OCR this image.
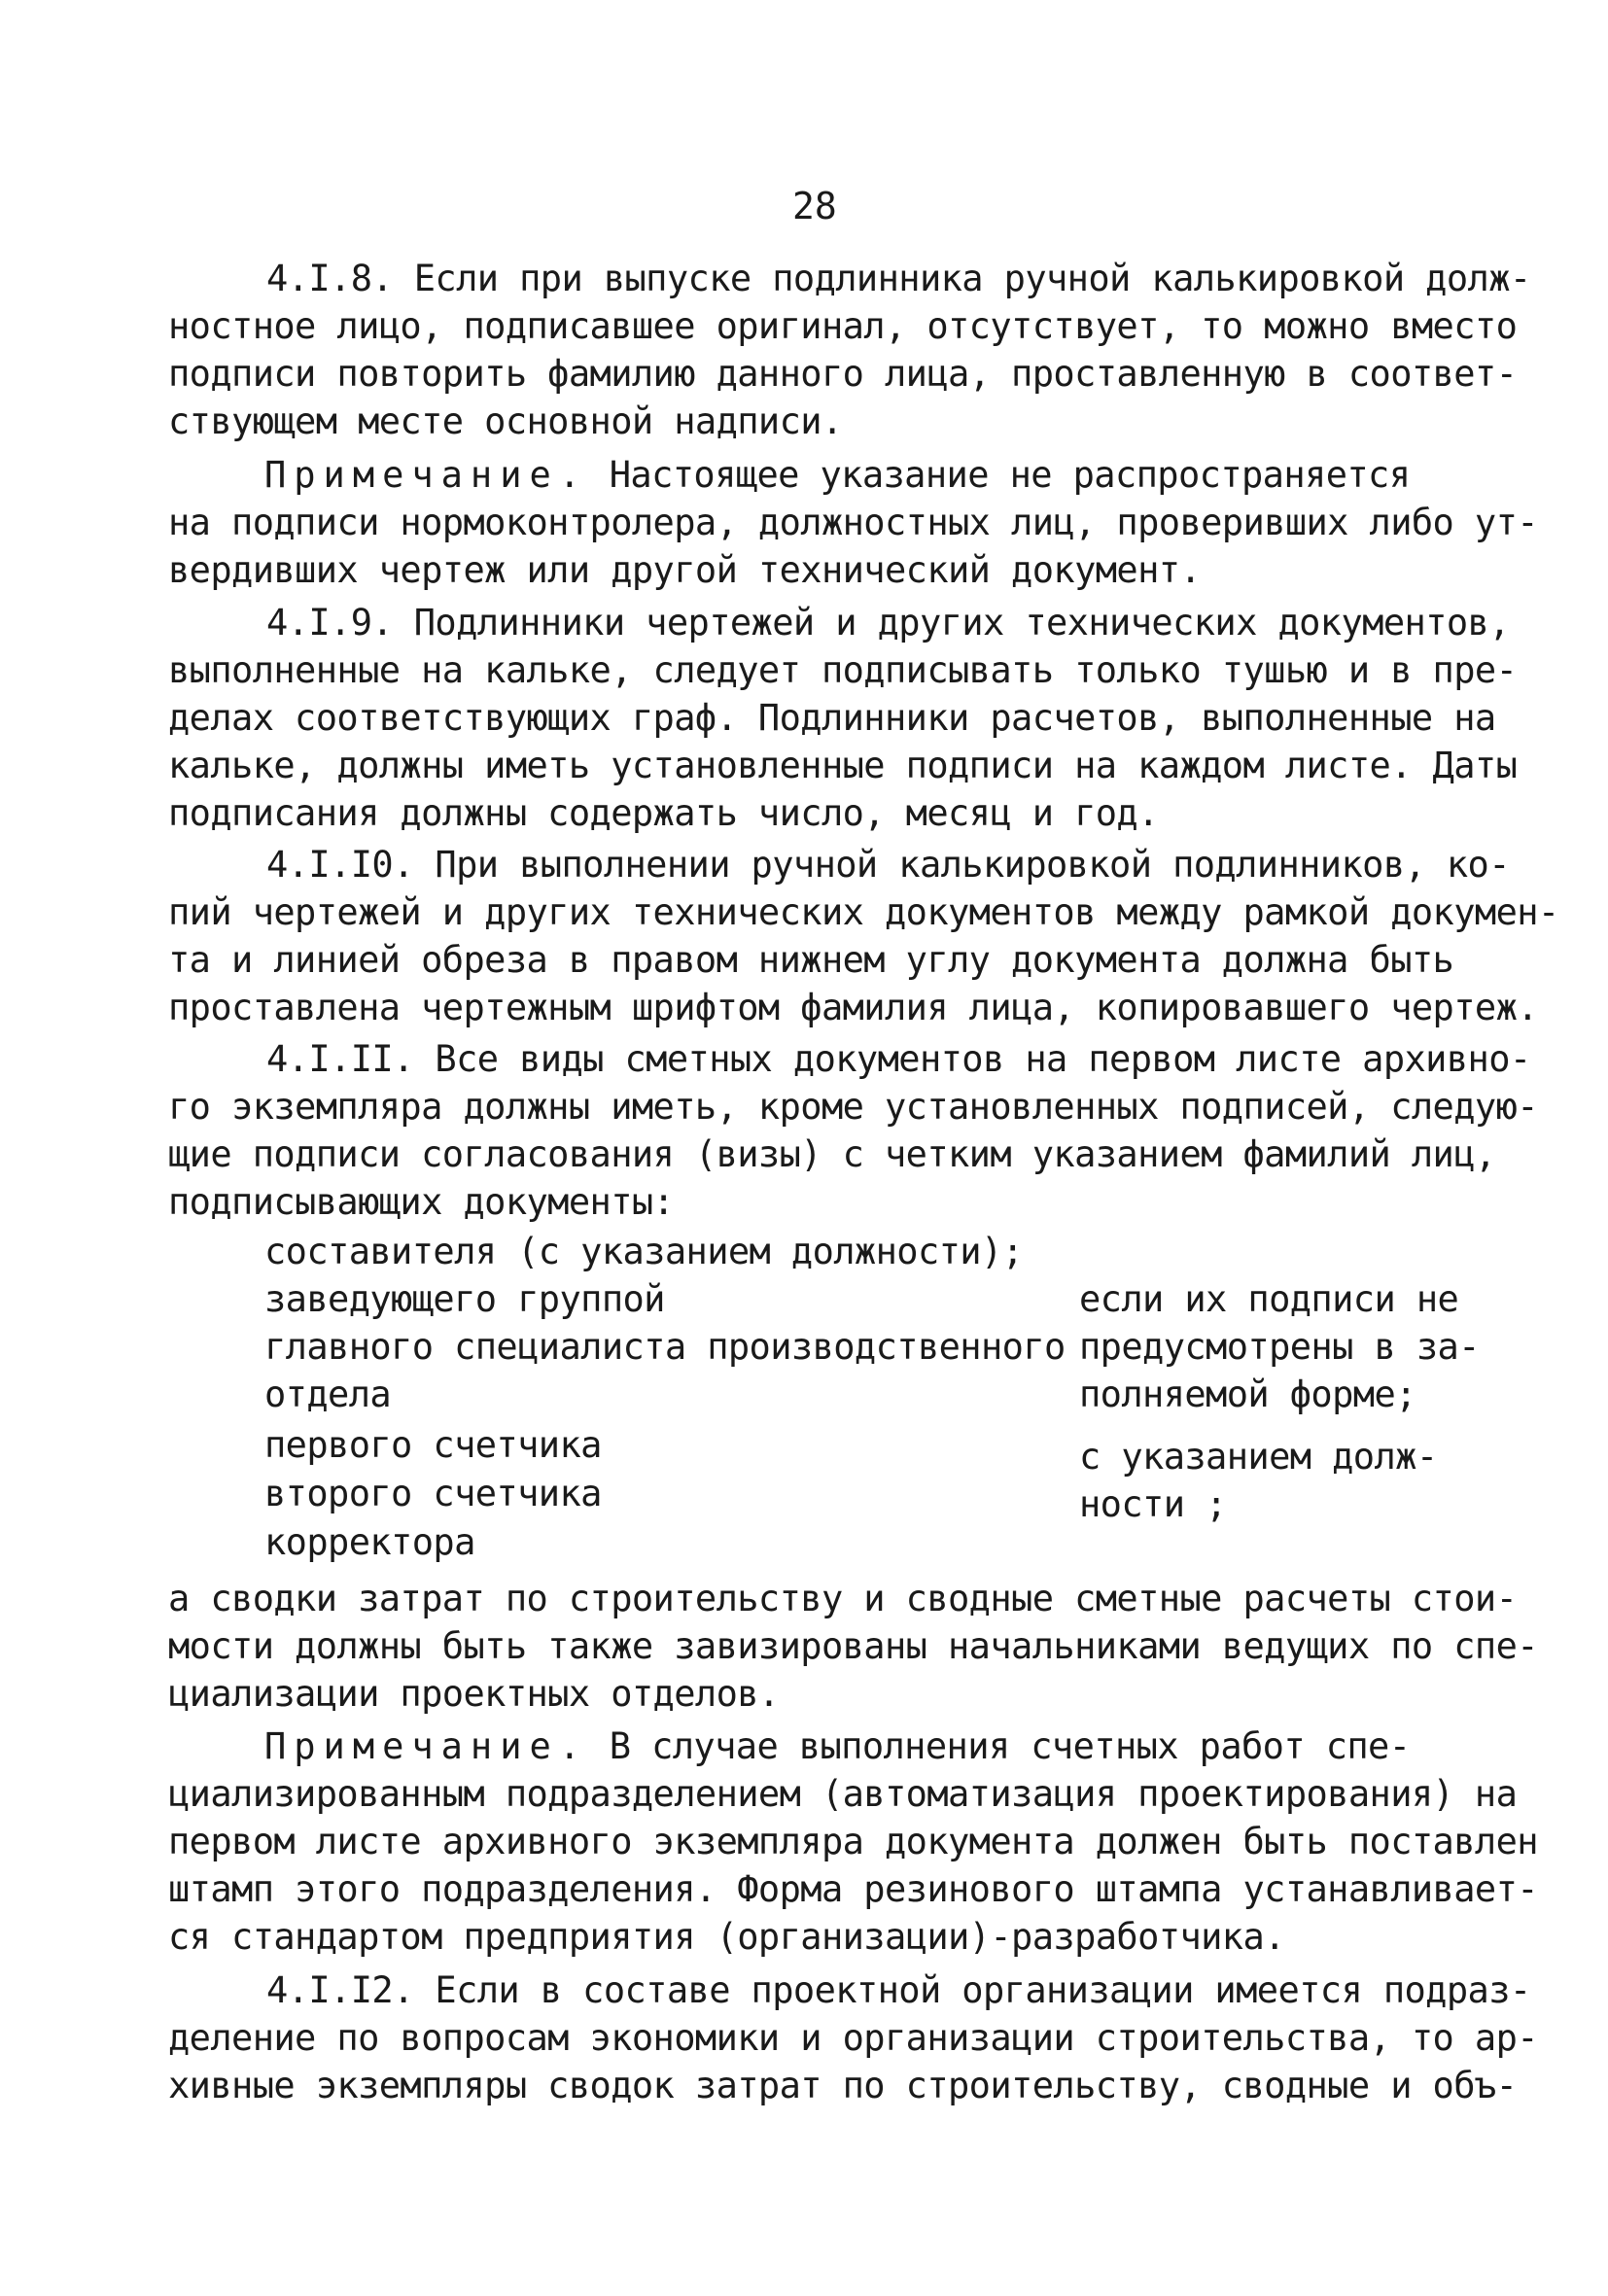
28
4.I.8. Если при выпуске подлинника ручной калькировкой долж-
ностное лицо, подписавшее оригинал, отсутствует, то можно вместо
подписи повторить фамилию данного лица, проставленную в соответ-
ствующем месте основной надписи.
Примечание. Настоящее указание не распространяется
на подписи нормоконтролера, должностных лиц, проверивших либо ут-
вердивших чертеж или другой технический документ.
4.I.9. Подлинники чертежей и других технических документов,
выполненные на кальке, следует подписывать только тушью и в пре-
делах соответствующих граф. Подлинники расчетов, выполненные на
кальке, должны иметь установленные подписи на каждом листе. Даты
подписания должны содержать число, месяц и год.
4.I.I0. При выполнении ручной калькировкой подлинников, ко-
пий чертежей и других технических документов между рамкой докумен-
та и линией обреза в правом нижнем углу документа должна быть
проставлена чертежным шрифтом фамилия лица, копировавшего чертеж.
4.I.II. Все виды сметных документов на первом листе архивно-
го экземпляра должны иметь, кроме установленных подписей, следую-
щие подписи согласования (визы) с четким указанием фамилий лиц,
подписывающих документы:
составителя (с указанием должности);
заведующего группой
главного специалиста производственного
отдела
первого счетчика
второго счетчика
корректора
если их подписи не
предусмотрены в за-
полняемой форме;
с указанием долж-
ности ;
а сводки затрат по строительству и сводные сметные расчеты стои-
мости должны быть также завизированы начальниками ведущих по спе-
циализации проектных отделов.
Примечание. В случае выполнения счетных работ спе-
циализированным подразделением (автоматизация проектирования) на
первом листе архивного экземпляра документа должен быть поставлен
штамп этого подразделения. Форма резинового штампа устанавливает-
ся стандартом предприятия (организации)-разработчика.
4.I.I2. Если в составе проектной организации имеется подраз-
деление по вопросам экономики и организации строительства, то ар-
хивные экземпляры сводок затрат по строительству, сводные и объ-
